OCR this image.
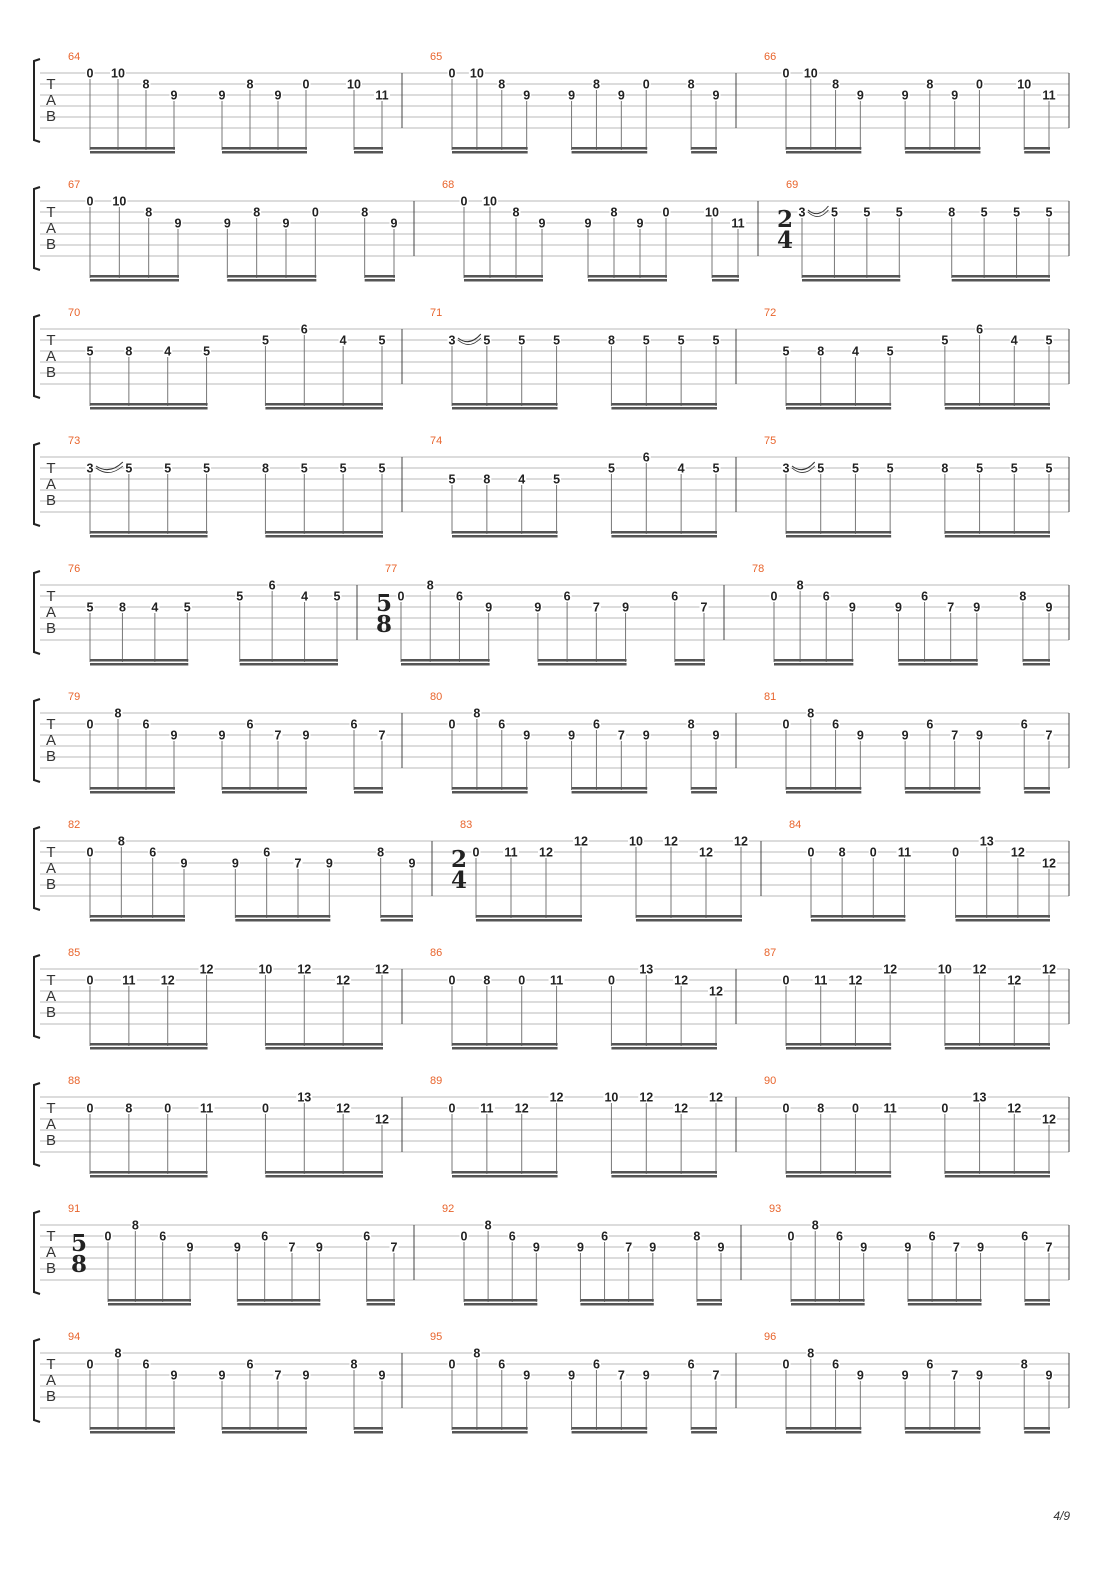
T
A
B
64
0 10
8
9	9
8
9
0	10
11
65
0 10
8
9	9
8
9
0	8
9
66
0 10
8
9	9
8
9
0	10
11
T
A
B
67
0 10
8
9	9
8
9
0	8
9
68
0 10
8
9	9
8
9
0	10
11
69
2
4
3 5 5 5	8 5 5 5
T
A
B
70
5	8	4	5
5
6
4	5
71
3 5 5 5	8 5 5 5
72
5 8 4 5
5
6
4 5
T
A
B
73
3	5	5	5	8	5	5	5
74
5 8 4 5
5
6
4 5
75
3 5 5 5	8 5 5 5
T
A
B
76
5 8 4 5
5
6
4 5
77
5
8
0
8
6
9	9
6
7 9
6
7
78
0
8
6
9	9
6
7 9
8
9
T
A
B
79
0
8
6
9	9
6
7 9
6
7
80
0
8
6
9	9
6
7 9
8
9
81
0
8
6
9	9
6
7 9
6
7
T
A
B
82
0
8
6
9	9
6
7 9
8
9
83
2
4
0 11 12
12	10 12
12
12
84
0 8 0 11	0
13
12
12
T
A
B
85
0 11 12
12	10 12
12
12
86
0 8 0 11	0
13
12
12
87
0 11 12
12	10 12
12
12
T
A
B
88
0	8	0 11	0
13
12
12
89
0 11 12
12	10 12
12
12
90
0 8 0 11	0
13
12
12
T
A
B
91
5
8
0
8
6
9	9
6
7 9
6
7
92
0
8
6
9	9
6
7 9
8
9
93
0
8
6
9	9
6
7 9
6
7
T
A
B
94
0
8
6
9	9
6
7 9
8
9
95
0
8
6
9	9
6
7 9
6
7
96
0
8
6
9	9
6
7 9
8
9
4/9
